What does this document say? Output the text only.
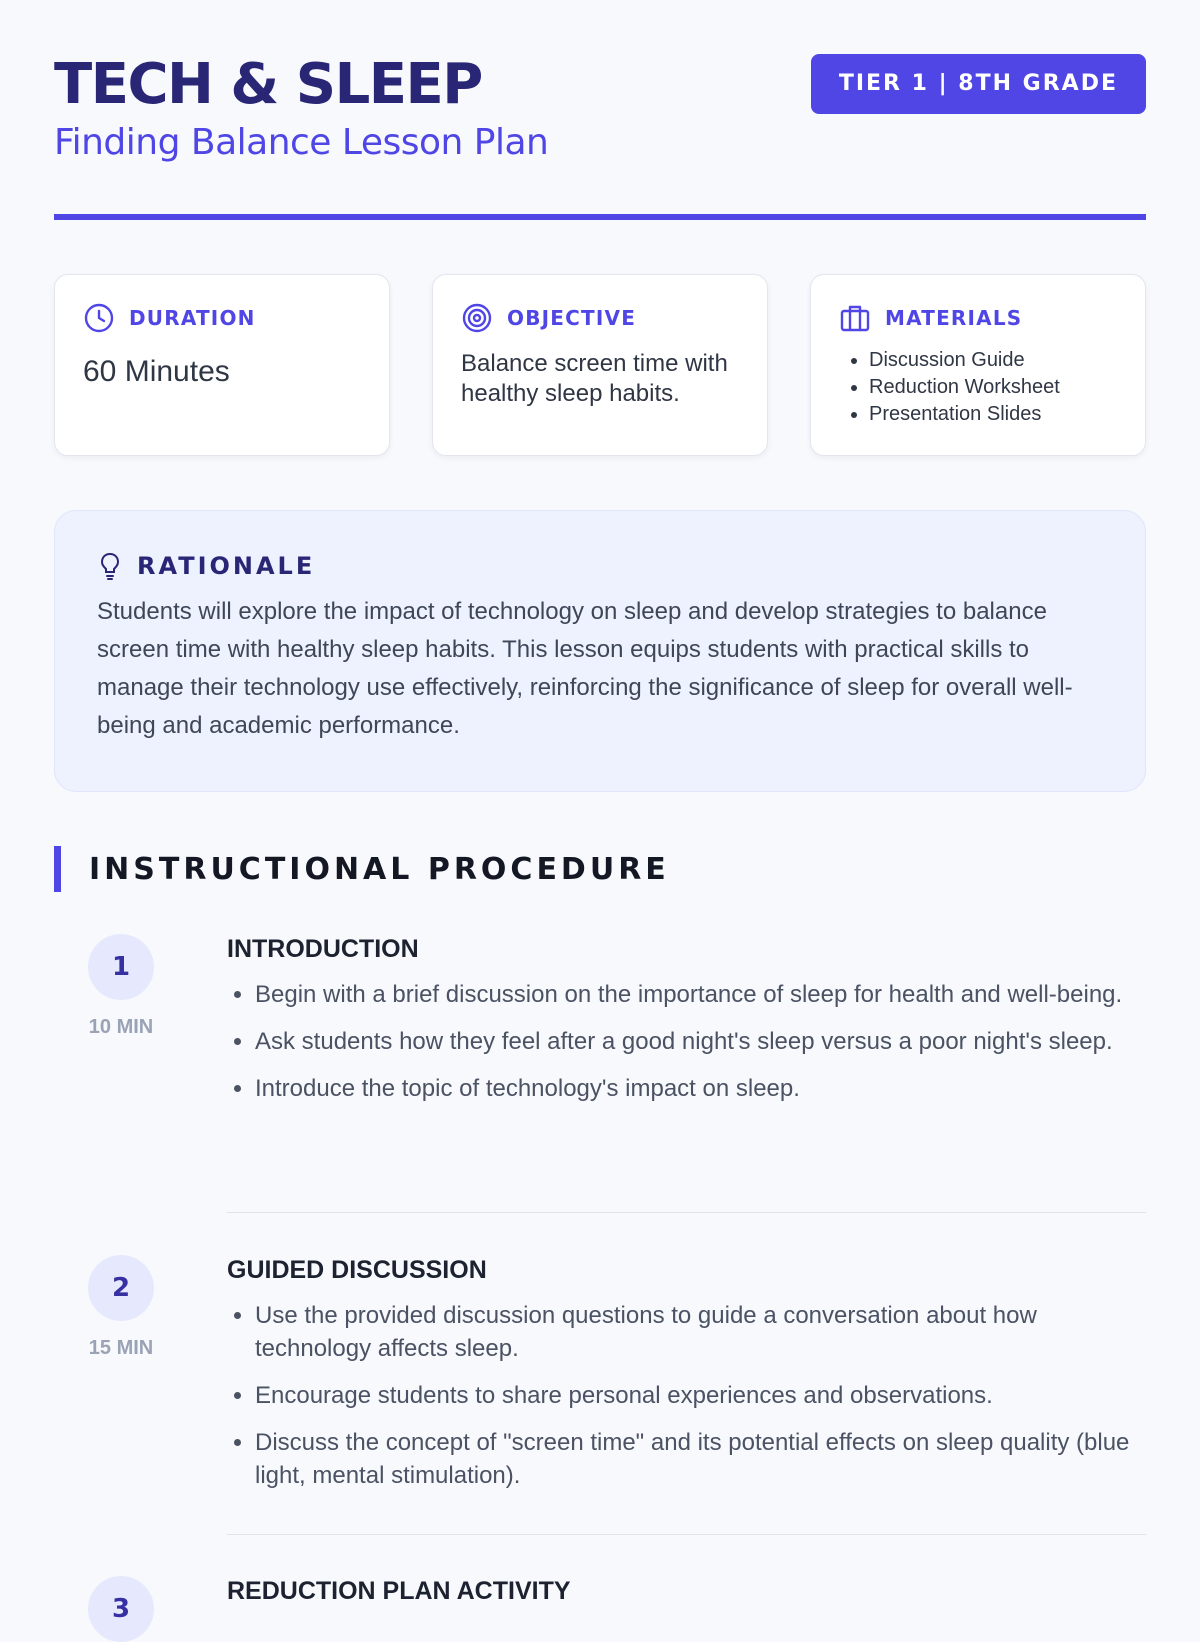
TECH & SLEEP
Finding Balance Lesson Plan
TIER 1 | 8TH GRADE
DURATION
60 Minutes
OBJECTIVE
Balance screen time with healthy sleep habits.
MATERIALS
• Discussion Guide
• Reduction Worksheet
• Presentation Slides
RATIONALE

Students will explore the impact of technology on sleep and develop strategies to balance screen time with healthy sleep habits. This lesson equips students with practical skills to manage their technology use effectively, reinforcing the significance of sleep for overall well-being and academic performance.

INSTRUCTIONAL PROCEDURE
1
10 MIN
INTRODUCTION
• Begin with a brief discussion on the importance of sleep for health and well-being.
• Ask students how they feel after a good night's sleep versus a poor night's sleep.
• Introduce the topic of technology's impact on sleep.
2
15 MIN
GUIDED DISCUSSION
• Use the provided discussion questions to guide a conversation about how technology affects sleep.
• Encourage students to share personal experiences and observations.
• Discuss the concept of "screen time" and its potential effects on sleep quality (blue light, mental stimulation).
3
REDUCTION PLAN ACTIVITY
